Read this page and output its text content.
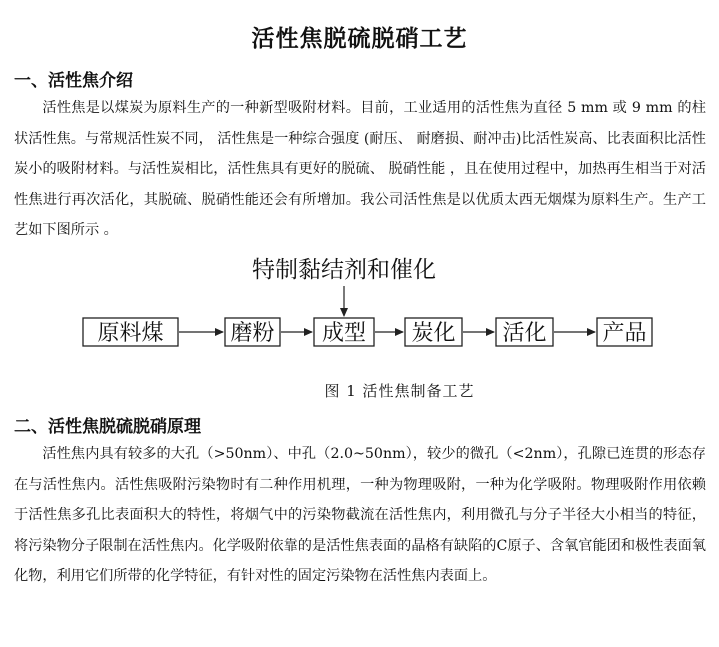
活性焦脱硫脱硝工艺
一、活性焦介绍
活性焦是以煤炭为原料生产的一种新型吸附材料。目前，工业适用的活性焦为直径 5 mm 或 9 mm 的柱状活性焦。与常规活性炭不同， 活性焦是一种综合强度 (耐压、 耐磨损、耐冲击)比活性炭高、比表面积比活性炭小的吸附材料。与活性炭相比，活性焦具有更好的脱硫、 脱硝性能 ，且在使用过程中，加热再生相当于对活性焦进行再次活化，其脱硫、脱硝性能还会有所增加。我公司活性焦是以优质太西无烟煤为原料生产。生产工艺如下图所示 。
特制黏结剂和催化
原料煤	磨粉 成型 炭化 活化	产品
图 1 活性焦制备工艺
二、活性焦脱硫脱硝原理
活性焦内具有较多的大孔（>50nm）、中孔（2.0~50nm），较少的微孔（<2nm），孔隙已连贯的形态存在与活性焦内。活性焦吸附污染物时有二种作用机理，一种为物理吸附，一种为化学吸附。物理吸附作用依赖于活性焦多孔比表面积大的特性，将烟气中的污染物截流在活性焦内，利用微孔与分子半径大小相当的特征，将污染物分子限制在活性焦内。化学吸附依靠的是活性焦表面的晶格有缺陷的C原子、含氧官能团和极性表面氧化物，利用它们所带的化学特征，有针对性的固定污染物在活性焦内表面上。
